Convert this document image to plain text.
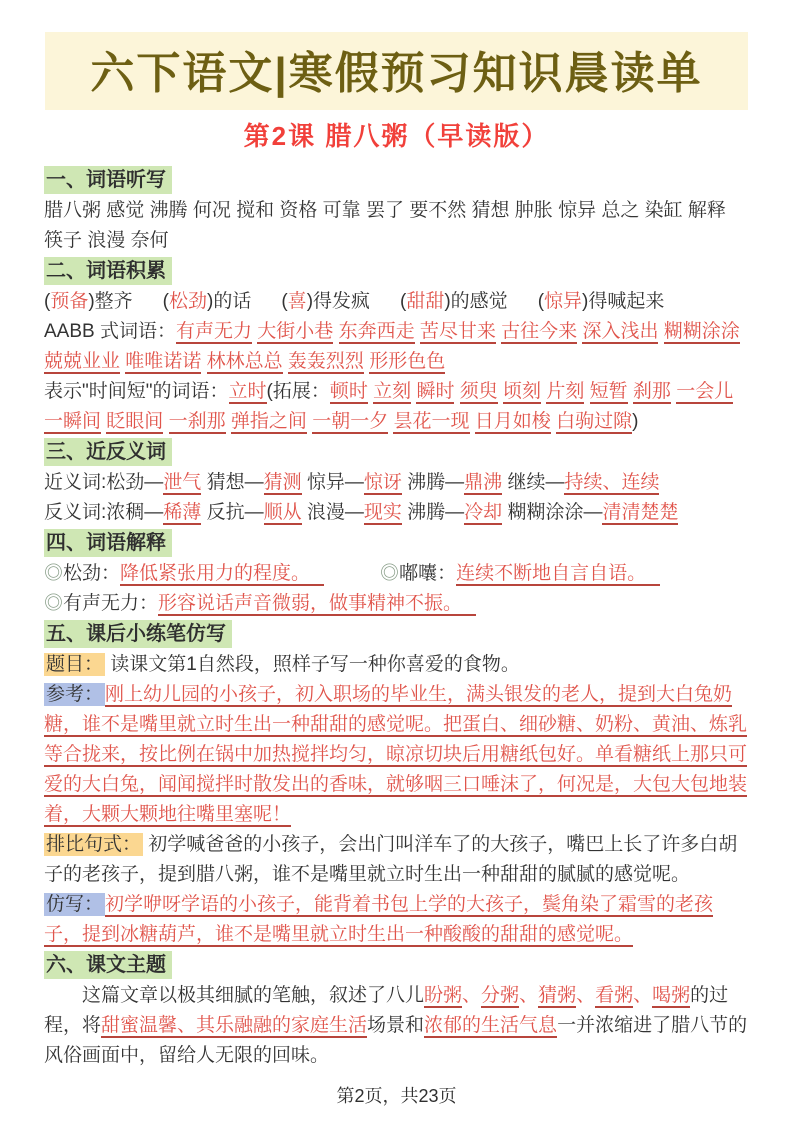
六下语文|寒假预习知识晨读单
第2课 腊八粥（早读版）
一、词语听写
腊八粥 感觉 沸腾 何况 搅和 资格 可靠 罢了 要不然 猜想 肿胀 惊异 总之 染缸 解释 筷子 浪漫 奈何
二、词语积累
(预备)整齐 (松劲)的话 (喜)得发疯 (甜甜)的感觉 (惊异)得喊起来
AABB 式词语：有声无力 大街小巷 东奔西走 苦尽甘来 古往今来 深入浅出 糊糊涂涂 兢兢业业 唯唯诺诺 林林总总 轰轰烈烈 形形色色
表示"时间短"的词语：立时(拓展：顿时 立刻 瞬时 须臾 顷刻 片刻 短暂 刹那 一会儿 一瞬间 眨眼间 一刹那 弹指之间 一朝一夕 昙花一现 日月如梭 白驹过隙)
三、近反义词
近义词:松劲—泄气 猜想—猜测 惊异—惊讶 沸腾—鼎沸 继续—持续、连续
反义词:浓稠—稀薄 反抗—顺从 浪漫—现实 沸腾—冷却 糊糊涂涂—清清楚楚
四、词语解释
◎松劲：降低紧张用力的程度。	◎嘟囔：连续不断地自言自语。
◎有声无力：形容说话声音微弱，做事精神不振。
五、课后小练笔仿写
题目： 读课文第1自然段，照样子写一种你喜爱的食物。
参考： 刚上幼儿园的小孩子，初入职场的毕业生，满头银发的老人，提到大白兔奶糖，谁不是嘴里就立时生出一种甜甜的感觉呢。把蛋白、细砂糖、奶粉、黄油、炼乳等合拢来，按比例在锅中加热搅拌均匀，晾凉切块后用糖纸包好。单看糖纸上那只可爱的大白兔，闻闻搅拌时散发出的香味，就够咽三口唾沫了，何况是，大包大包地装着，大颗大颗地往嘴里塞呢！
排比句式： 初学喊爸爸的小孩子，会出门叫洋车了的大孩子，嘴巴上长了许多白胡子的老孩子，提到腊八粥，谁不是嘴里就立时生出一种甜甜的腻腻的感觉呢。
仿写： 初学咿呀学语的小孩子，能背着书包上学的大孩子，鬓角染了霜雪的老孩子，提到冰糖葫芦，谁不是嘴里就立时生出一种酸酸的甜甜的感觉呢。
六、课文主题
　　这篇文章以极其细腻的笔触，叙述了八儿盼粥、分粥、猜粥、看粥、喝粥的过程，将甜蜜温馨、其乐融融的家庭生活场景和浓郁的生活气息一并浓缩进了腊八节的风俗画面中，留给人无限的回味。
第2页，共23页
